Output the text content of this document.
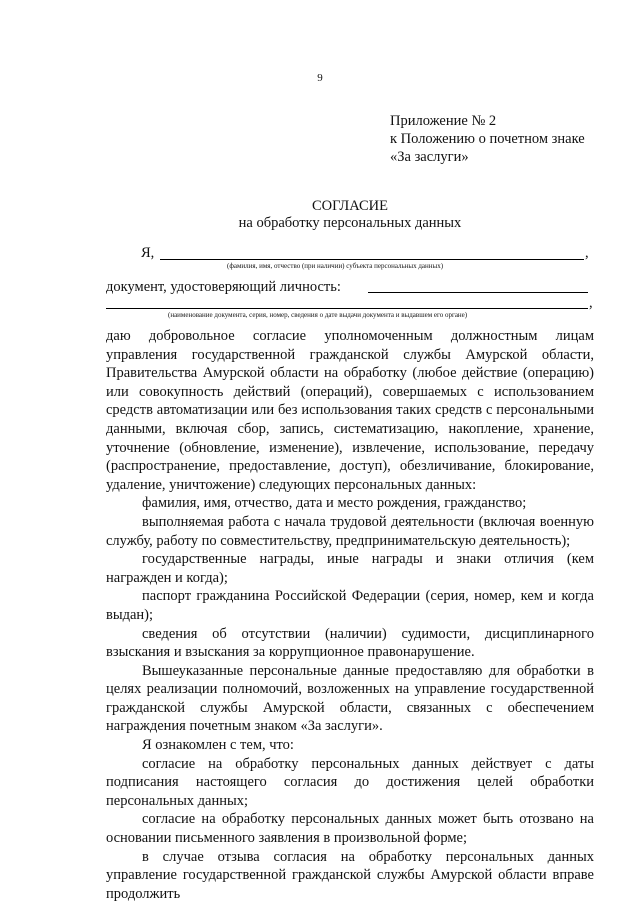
9
Приложение № 2
к Положению о почетном знаке
«За заслуги»
СОГЛАСИЕ
на обработку персональных данных
Я,	,
(фамилия, имя, отчество (при наличии) субъекта персональных данных)
документ, удостоверяющий личность:
,
(наименование документа, серия, номер, сведения о дате выдачи документа и выдавшем его органе)

даю добровольное согласие уполномоченным должностным лицам управления государственной гражданской службы Амурской области, Правительства Амурской области на обработку (любое действие (операцию) или совокупность действий (операций), совершаемых с использованием средств автоматизации или без использования таких средств с персональными данными, включая сбор, запись, систематизацию, накопление, хранение, уточнение (обновление, изменение), извлечение, использование, передачу (распространение, предоставление, доступ), обезличивание, блокирование, удаление, уничтожение) следующих персональных данных:

фамилия, имя, отчество, дата и место рождения, гражданство;

выполняемая работа с начала трудовой деятельности (включая военную службу, работу по совместительству, предпринимательскую деятельность);

государственные награды, иные награды и знаки отличия (кем награжден и когда);

паспорт гражданина Российской Федерации (серия, номер, кем и когда выдан);

сведения об отсутствии (наличии) судимости, дисциплинарного взыскания и взыскания за коррупционное правонарушение.

Вышеуказанные персональные данные предоставляю для обработки в целях реализации полномочий, возложенных на управление государственной гражданской службы Амурской области, связанных с обеспечением награждения почетным знаком «За заслуги».

Я ознакомлен с тем, что:

согласие на обработку персональных данных действует с даты подписания настоящего согласия до достижения целей обработки персональных данных;

согласие на обработку персональных данных может быть отозвано на основании письменного заявления в произвольной форме;

в случае отзыва согласия на обработку персональных данных управление государственной гражданской службы Амурской области вправе продолжить
